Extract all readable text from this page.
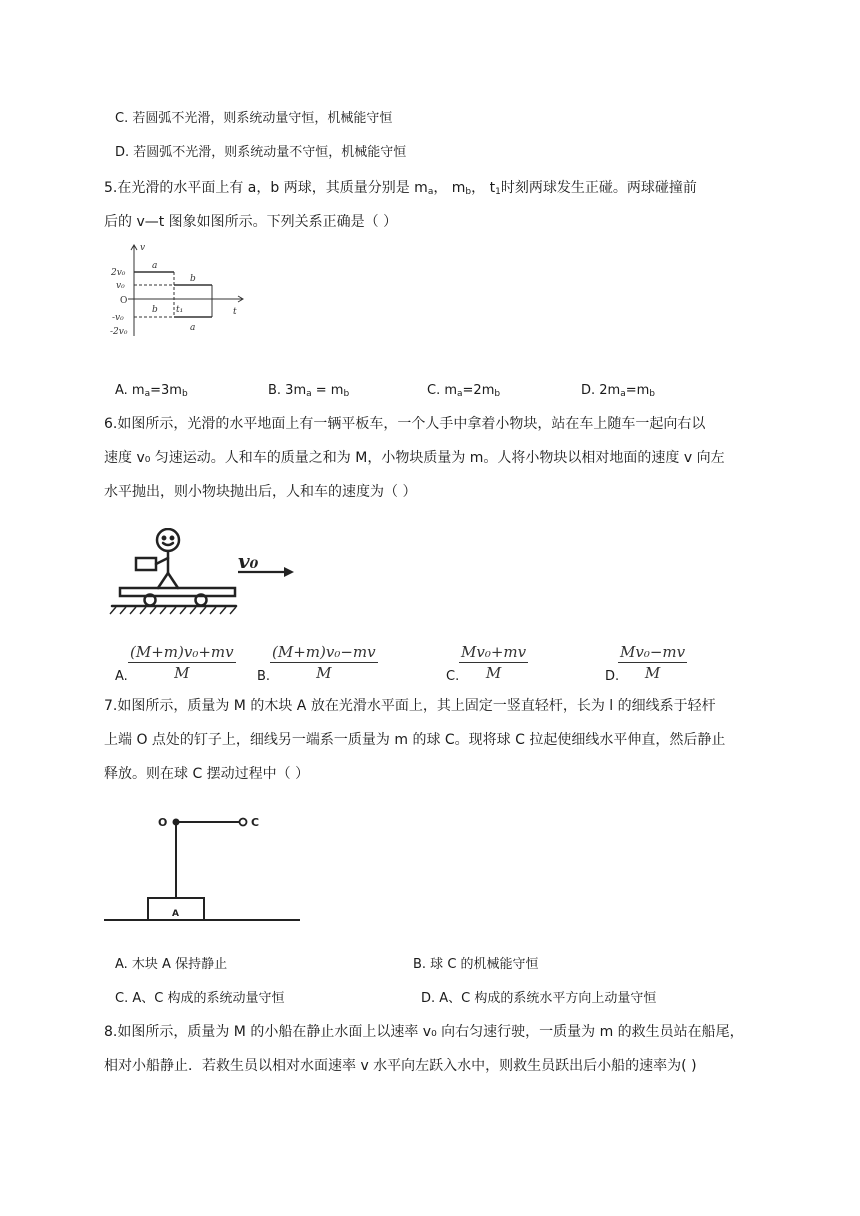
C. 若圆弧不光滑，则系统动量守恒，机械能守恒
D. 若圆弧不光滑，则系统动量不守恒，机械能守恒
5.在光滑的水平面上有 a，b 两球，其质量分别是 $m_a$， $m_b$， $t_1$时刻两球发生正碰。两球碰撞前
后的 v—t 图象如图所示。下列关系正确是（ ）
v
t
O
2v₀
v₀
-v₀
-2v₀
a
b
b
a
t₁
A. $m_a=3m_b$	B. $3m_a = m_b$	C. $m_a=2m_b$	D. $2m_a=m_b$
6.如图所示，光滑的水平地面上有一辆平板车，一个人手中拿着小物块，站在车上随车一起向右以
速度 v₀ 匀速运动。人和车的质量之和为 M，小物块质量为 m。人将小物块以相对地面的速度 v 向左
水平抛出，则小物块抛出后，人和车的速度为（ ）
v₀
A.
(M+m)v₀+mv
M	B.
(M+m)v₀−mv
M	C.
Mv₀+mv
M	D.
Mv₀−mv
M
7.如图所示，质量为 M 的木块 A 放在光滑水平面上，其上固定一竖直轻杆，长为 l 的细线系于轻杆
上端 O 点处的钉子上，细线另一端系一质量为 m 的球 C。现将球 C 拉起使细线水平伸直，然后静止
释放。则在球 C 摆动过程中（ ）
O	C
A
A. 木块 A 保持静止	B. 球 C 的机械能守恒
C. A、C 构成的系统动量守恒	D. A、C 构成的系统水平方向上动量守恒
8.如图所示，质量为 M 的小船在静止水面上以速率 v₀ 向右匀速行驶，一质量为 m 的救生员站在船尾，
相对小船静止．若救生员以相对水面速率 v 水平向左跃入水中，则救生员跃出后小船的速率为( )
